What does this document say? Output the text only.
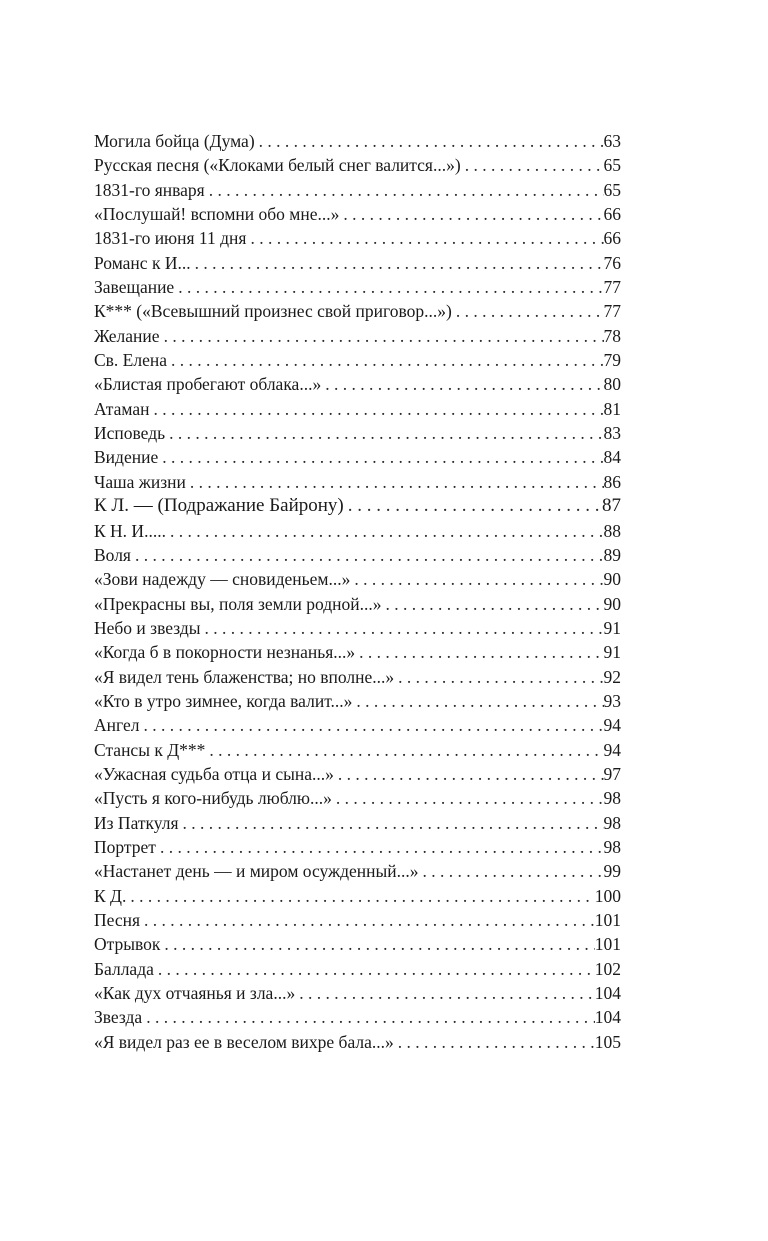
Могила бойца (Дума) . . .	63
Русская песня («Клоками белый снег валится...») . . .	65
1831-го января . . .	65
«Послушай! вспомни обо мне...» . . .	66
1831-го июня 11 дня . . .	66
Романс к И... . . .	76
Завещание . . .	77
К*** («Всевышний произнес свой приговор...») . . .	77
Желание . . .	78
Св. Елена . . .	79
«Блистая пробегают облака...» . . .	80
Атаман . . .	81
Исповедь . . .	83
Видение . . .	84
Чаша жизни . . .	86
К Л. — (Подражание Байрону) . . .	87
К Н. И..... . . .	88
Воля . . .	89
«Зови надежду — сновиденьем...» . . .	90
«Прекрасны вы, поля земли родной...» . . .	90
Небо и звезды . . .	91
«Когда б в покорности незнанья...» . . .	91
«Я видел тень блаженства; но вполне...» . . .	92
«Кто в утро зимнее, когда валит...» . . .	93
Ангел . . .	94
Стансы к Д*** . . .	94
«Ужасная судьба отца и сына...» . . .	97
«Пусть я кого-нибудь люблю...» . . .	98
Из Паткуля . . .	98
Портрет . . .	98
«Настанет день — и миром осужденный...» . . .	99
К Д. . . .	100
Песня . . .	101
Отрывок . . .	101
Баллада . . .	102
«Как дух отчаянья и зла...» . . .	104
Звезда . . .	104
«Я видел раз ее в веселом вихре бала...» . . .	105
